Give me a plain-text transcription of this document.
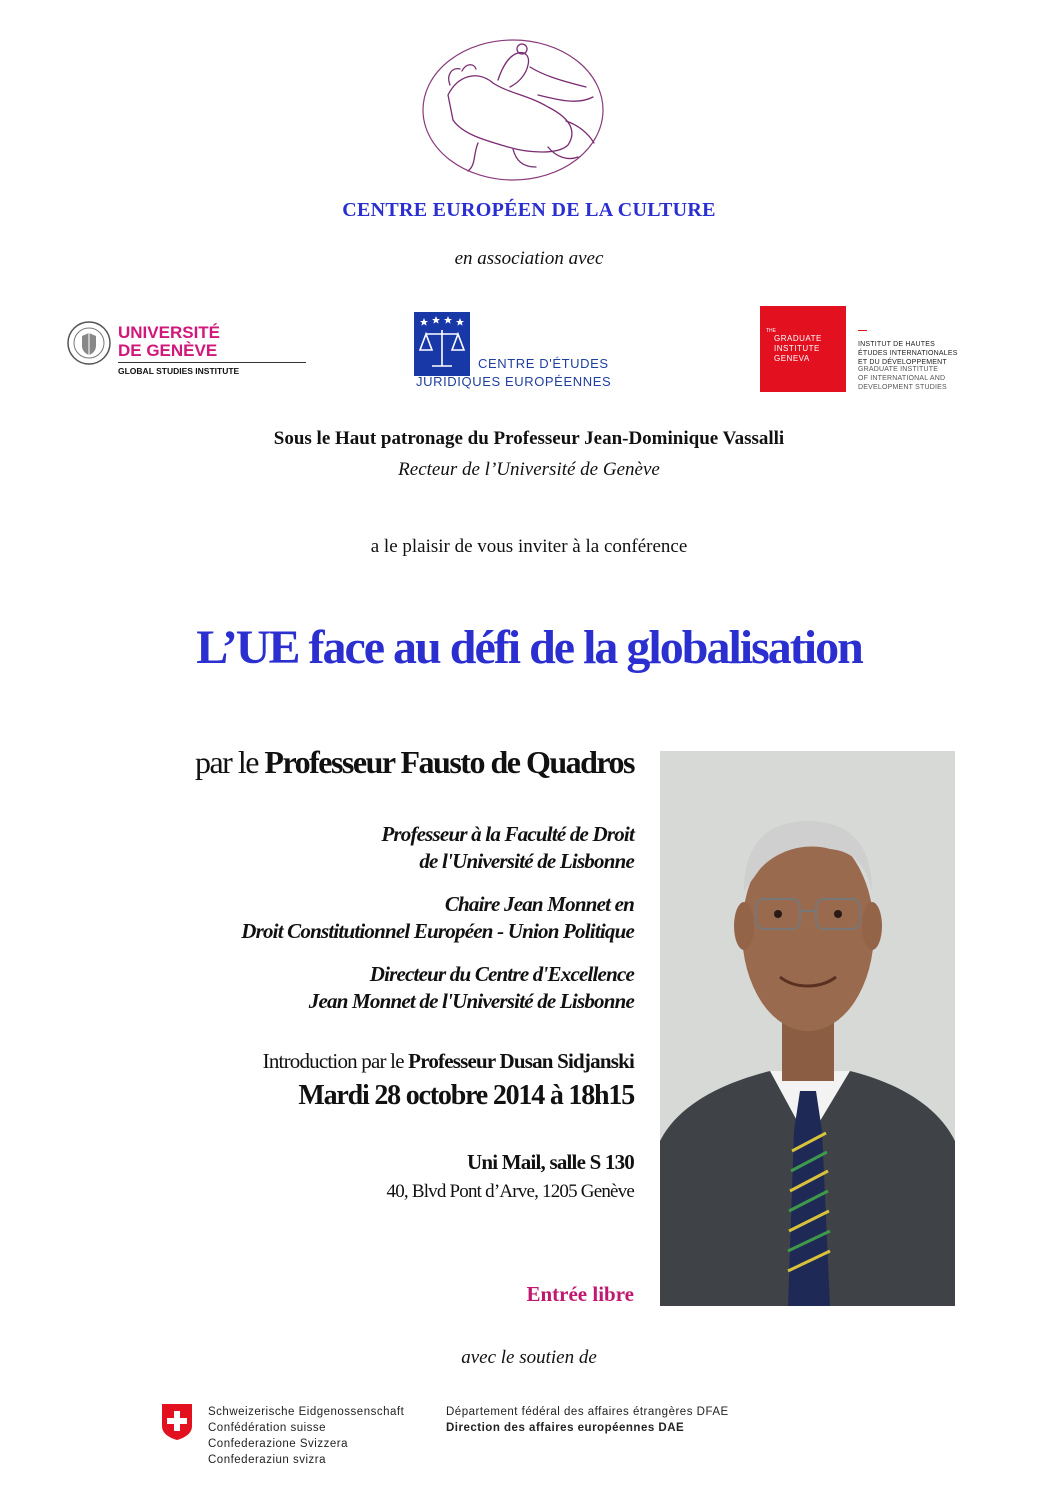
CENTRE EUROPÉEN DE LA CULTURE
en association avec
UNIVERSITÉ
DE GENÈVE
GLOBAL STUDIES INSTITUTE	CENTRE D'ÉTUDES
JURIDIQUES EUROPÉENNES
THE
GRADUATE
INSTITUTE
GENEVA
INSTITUT DE HAUTES
ÉTUDES INTERNATIONALES
ET DU DÉVELOPPEMENT
GRADUATE INSTITUTE
OF INTERNATIONAL AND
DEVELOPMENT STUDIES
Sous le Haut patronage du Professeur Jean-Dominique Vassalli
Recteur de l’Université de Genève
a le plaisir de vous inviter à la conférence
L’UE face au défi de la globalisation
par le Professeur Fausto de Quadros
Professeur à la Faculté de Droit
de l'Université de Lisbonne
Chaire Jean Monnet en
Droit Constitutionnel Européen - Union Politique
Directeur du Centre d'Excellence
Jean Monnet de l'Université de Lisbonne
Introduction par le Professeur Dusan Sidjanski
Mardi 28 octobre 2014 à 18h15
Uni Mail, salle S 130
40, Blvd Pont d’Arve, 1205 Genève
Entrée libre
avec le soutien de
Schweizerische Eidgenossenschaft
Confédération suisse
Confederazione Svizzera
Confederaziun svizra
Département fédéral des affaires étrangères DFAE
Direction des affaires européennes DAE
